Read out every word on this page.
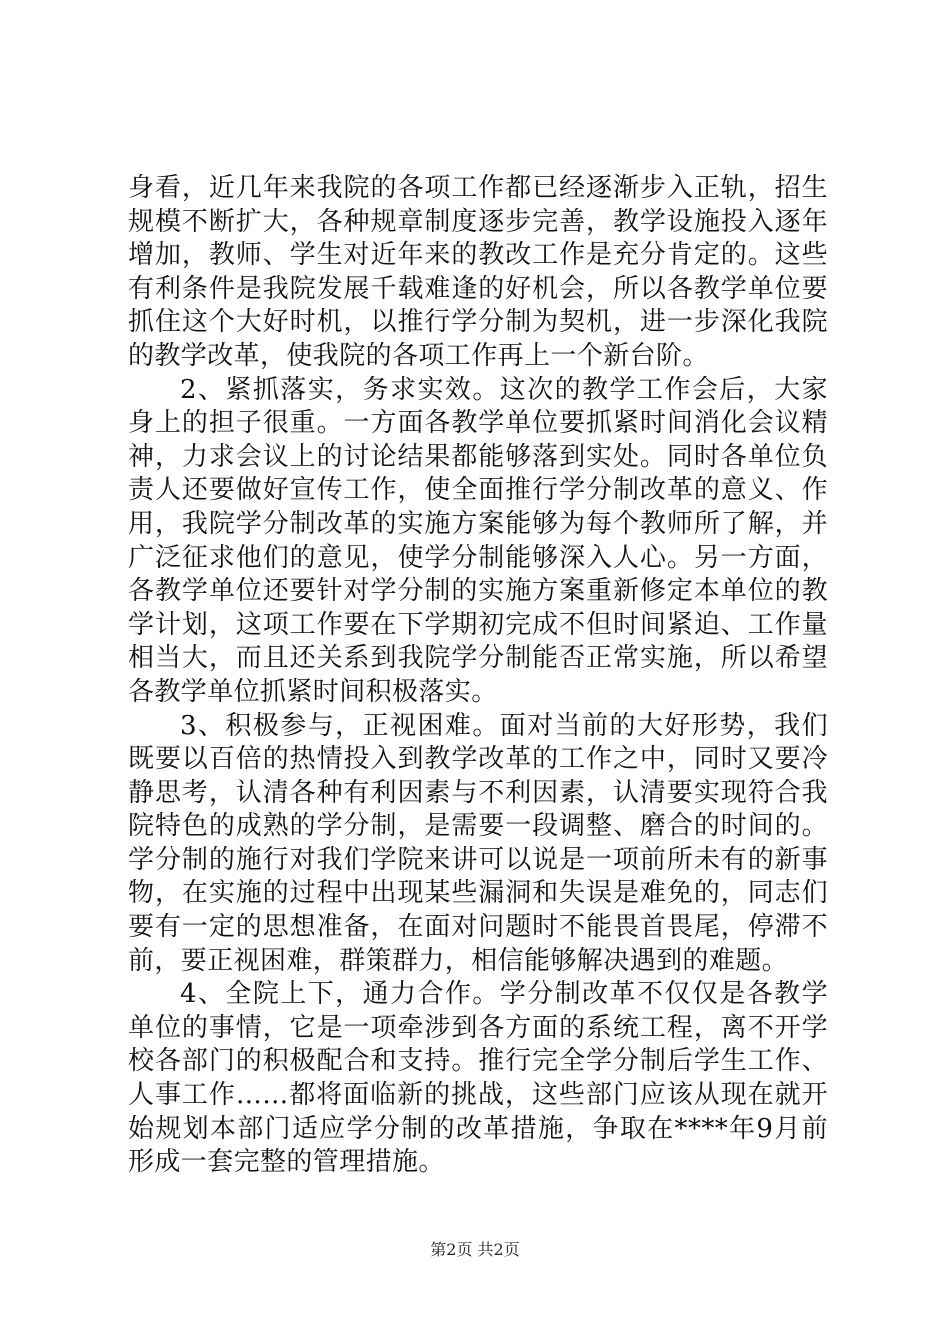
身看，近几年来我院的各项工作都已经逐渐步入正轨，招生规模不断扩大，各种规章制度逐步完善，教学设施投入逐年增加，教师、学生对近年来的教改工作是充分肯定的。这些有利条件是我院发展千载难逢的好机会，所以各教学单位要抓住这个大好时机，以推行学分制为契机，进一步深化我院的教学改革，使我院的各项工作再上一个新台阶。

2、紧抓落实，务求实效。这次的教学工作会后，大家身上的担子很重。一方面各教学单位要抓紧时间消化会议精神，力求会议上的讨论结果都能够落到实处。同时各单位负责人还要做好宣传工作，使全面推行学分制改革的意义、作用，我院学分制改革的实施方案能够为每个教师所了解，并广泛征求他们的意见，使学分制能够深入人心。另一方面，各教学单位还要针对学分制的实施方案重新修定本单位的教学计划，这项工作要在下学期初完成不但时间紧迫、工作量相当大，而且还关系到我院学分制能否正常实施，所以希望各教学单位抓紧时间积极落实。

3、积极参与，正视困难。面对当前的大好形势，我们既要以百倍的热情投入到教学改革的工作之中，同时又要冷静思考，认清各种有利因素与不利因素，认清要实现符合我院特色的成熟的学分制，是需要一段调整、磨合的时间的。学分制的施行对我们学院来讲可以说是一项前所未有的新事物，在实施的过程中出现某些漏洞和失误是难免的，同志们要有一定的思想准备，在面对问题时不能畏首畏尾，停滞不前，要正视困难，群策群力，相信能够解决遇到的难题。

4、全院上下，通力合作。学分制改革不仅仅是各教学单位的事情，它是一项牵涉到各方面的系统工程，离不开学校各部门的积极配合和支持。推行完全学分制后学生工作、人事工作……都将面临新的挑战，这些部门应该从现在就开始规划本部门适应学分制的改革措施，争取在****年9月前形成一套完整的管理措施。

第2页 共2页
